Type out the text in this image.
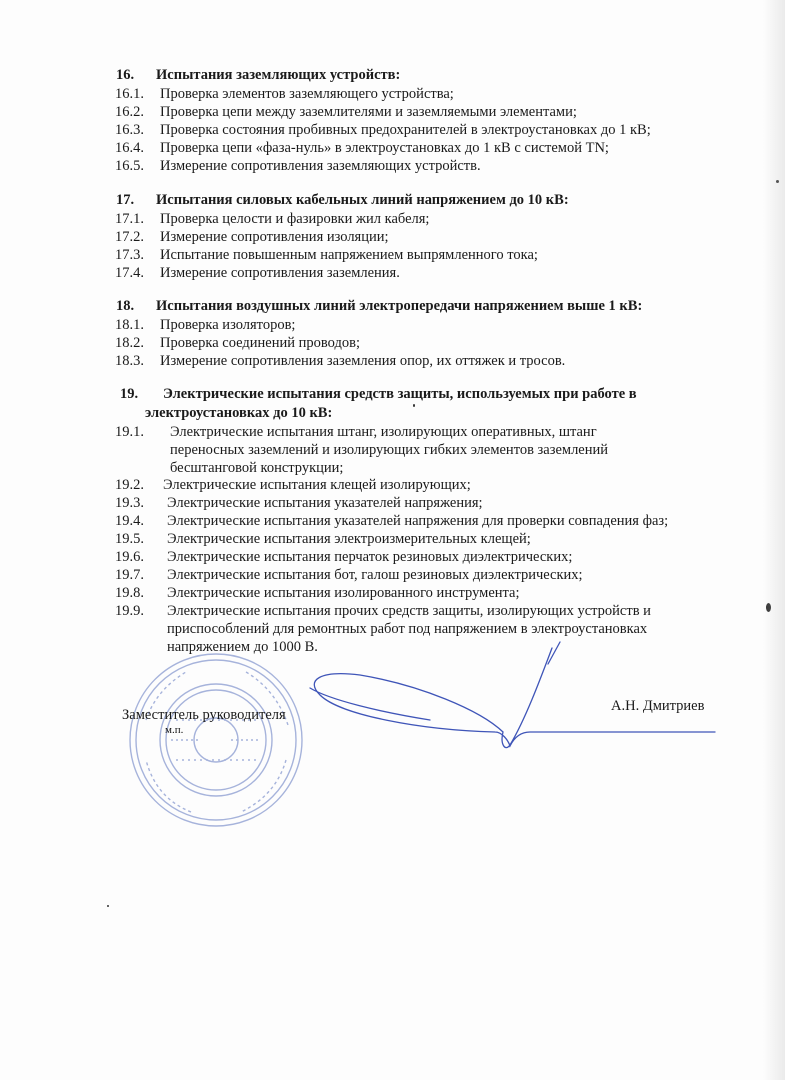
16. Испытания заземляющих устройств:
16.1. Проверка элементов заземляющего устройства;
16.2. Проверка цепи между заземлителями и заземляемыми элементами;
16.3. Проверка состояния пробивных предохранителей в электроустановках до 1 кВ;
16.4. Проверка цепи «фаза-нуль» в электроустановках до 1 кВ с системой TN;
16.5. Измерение сопротивления заземляющих устройств.
17. Испытания силовых кабельных линий напряжением до 10 кВ:
17.1. Проверка целости и фазировки жил кабеля;
17.2. Измерение сопротивления изоляции;
17.3. Испытание повышенным напряжением выпрямленного тока;
17.4. Измерение сопротивления заземления.
18. Испытания воздушных линий электропередачи напряжением выше 1 кВ:
18.1. Проверка изоляторов;
18.2. Проверка соединений проводов;
18.3. Измерение сопротивления заземления опор, их оттяжек и тросов.
19. Электрические испытания средств защиты, используемых при работе в
электроустановках до 10 кВ:
19.1. Электрические испытания штанг, изолирующих оперативных, штанг
переносных заземлений и изолирующих гибких элементов заземлений
бесштанговой конструкции;
19.2. Электрические испытания клещей изолирующих;
19.3. Электрические испытания указателей напряжения;
19.4. Электрические испытания указателей напряжения для проверки совпадения фаз;
19.5. Электрические испытания электроизмерительных клещей;
19.6. Электрические испытания перчаток резиновых диэлектрических;
19.7. Электрические испытания бот, галош резиновых диэлектрических;
19.8. Электрические испытания изолированного инструмента;
19.9. Электрические испытания прочих средств защиты, изолирующих устройств и
приспособлений для ремонтных работ под напряжением в электроустановках
напряжением до 1000 В.
Заместитель руководителя
м.п.
А.Н. Дмитриев
